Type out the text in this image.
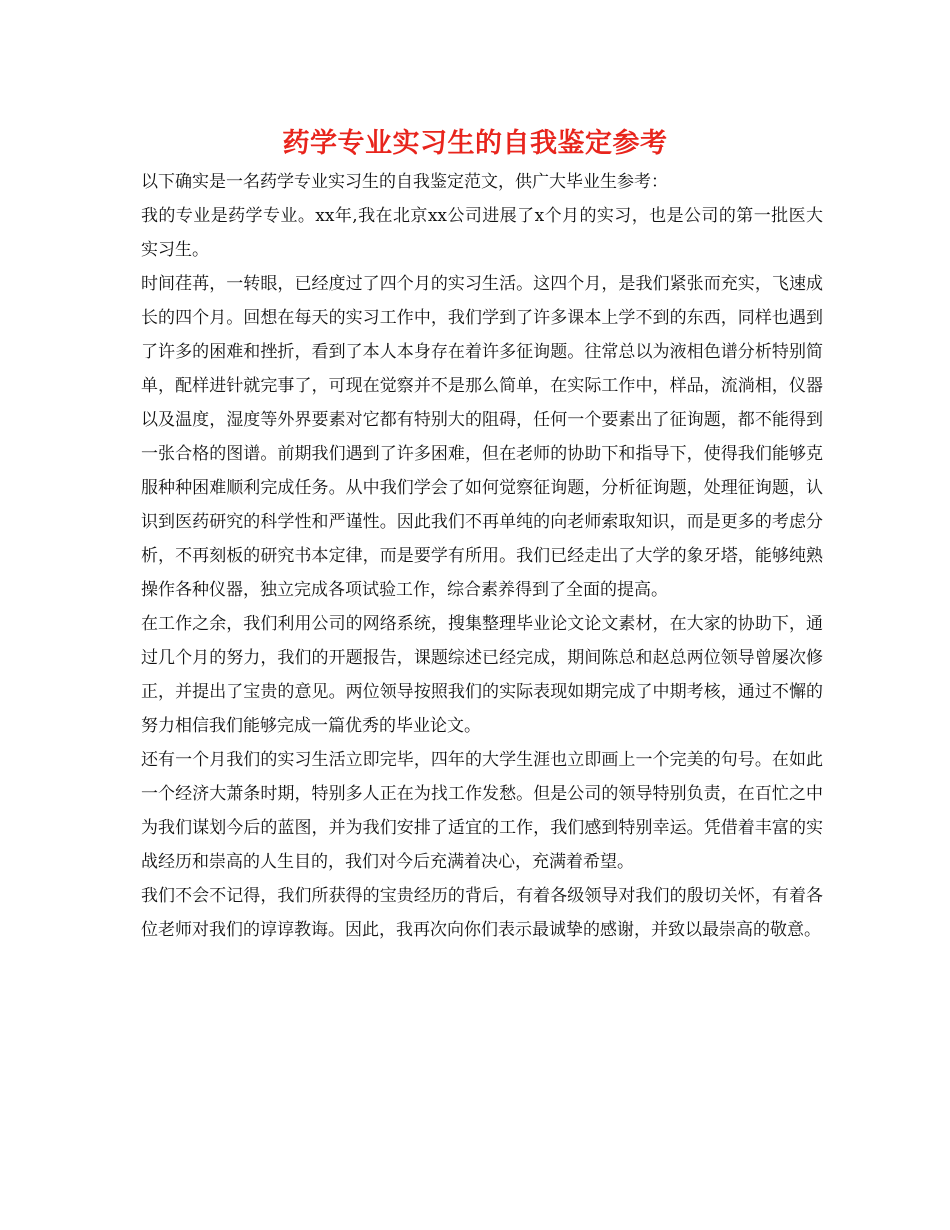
药学专业实习生的自我鉴定参考

以下确实是一名药学专业实习生的自我鉴定范文，供广大毕业生参考：

我的专业是药学专业。xx年,我在北京xx公司进展了x个月的实习，也是公司的第一批医大实习生。

时间荏苒，一转眼，已经度过了四个月的实习生活。这四个月，是我们紧张而充实，飞速成长的四个月。回想在每天的实习工作中，我们学到了许多课本上学不到的东西，同样也遇到了许多的困难和挫折，看到了本人本身存在着许多征询题。往常总以为液相色谱分析特别简单，配样进针就完事了，可现在觉察并不是那么简单，在实际工作中，样品，流淌相，仪器以及温度，湿度等外界要素对它都有特别大的阻碍，任何一个要素出了征询题，都不能得到一张合格的图谱。前期我们遇到了许多困难，但在老师的协助下和指导下，使得我们能够克服种种困难顺利完成任务。从中我们学会了如何觉察征询题，分析征询题，处理征询题，认识到医药研究的科学性和严谨性。因此我们不再单纯的向老师索取知识，而是更多的考虑分析，不再刻板的研究书本定律，而是要学有所用。我们已经走出了大学的象牙塔，能够纯熟操作各种仪器，独立完成各项试验工作，综合素养得到了全面的提高。

在工作之余，我们利用公司的网络系统，搜集整理毕业论文论文素材，在大家的协助下，通过几个月的努力，我们的开题报告，课题综述已经完成，期间陈总和赵总两位领导曾屡次修正，并提出了宝贵的意见。两位领导按照我们的实际表现如期完成了中期考核，通过不懈的努力相信我们能够完成一篇优秀的毕业论文。

还有一个月我们的实习生活立即完毕，四年的大学生涯也立即画上一个完美的句号。在如此一个经济大萧条时期，特别多人正在为找工作发愁。但是公司的领导特别负责，在百忙之中为我们谋划今后的蓝图，并为我们安排了适宜的工作，我们感到特别幸运。凭借着丰富的实战经历和崇高的人生目的，我们对今后充满着决心，充满着希望。

我们不会不记得，我们所获得的宝贵经历的背后，有着各级领导对我们的殷切关怀，有着各位老师对我们的谆谆教诲。因此，我再次向你们表示最诚挚的感谢，并致以最崇高的敬意。
